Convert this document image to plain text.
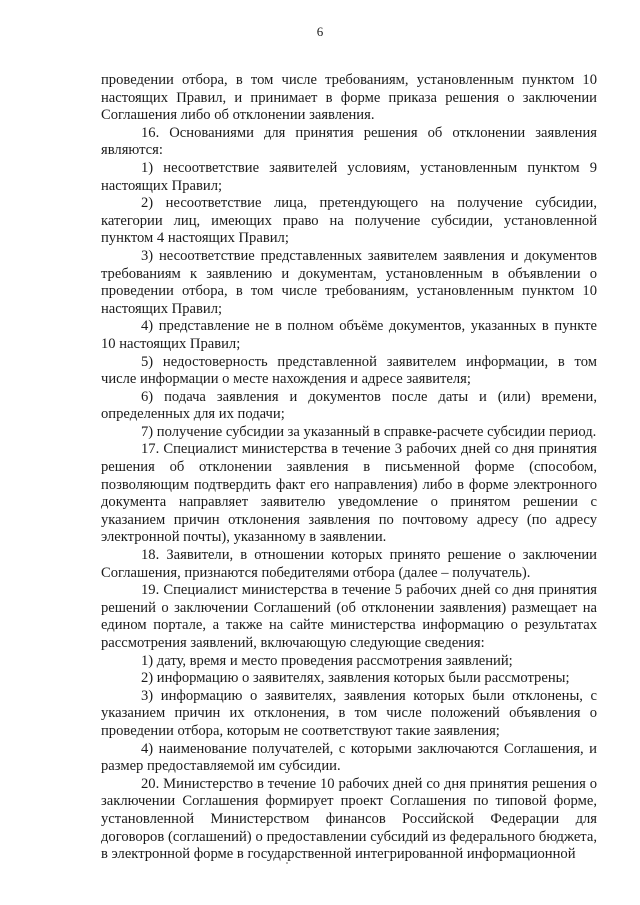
6

проведении отбора, в том числе требованиям, установленным пунктом 10 настоящих Правил, и принимает в форме приказа решения о заключении Соглашения либо об отклонении заявления.

16. Основаниями для принятия решения об отклонении заявления являются:

1) несоответствие заявителей условиям, установленным пунктом 9 настоящих Правил;

2) несоответствие лица, претендующего на получение субсидии, категории лиц, имеющих право на получение субсидии, установленной пунктом 4 настоящих Правил;

3) несоответствие представленных заявителем заявления и документов требованиям к заявлению и документам, установленным в объявлении о проведении отбора, в том числе требованиям, установленным пунктом 10 настоящих Правил;

4) представление не в полном объёме документов, указанных в пункте 10 настоящих Правил;

5) недостоверность представленной заявителем информации, в том числе информации о месте нахождения и адресе заявителя;

6) подача заявления и документов после даты и (или) времени, определенных для их подачи;

7) получение субсидии за указанный в справке-расчете субсидии период.

17. Специалист министерства в течение 3 рабочих дней со дня принятия решения об отклонении заявления в письменной форме (способом, позволяющим подтвердить факт его направления) либо в форме электронного документа направляет заявителю уведомление о принятом решении с указанием причин отклонения заявления по почтовому адресу (по адресу электронной почты), указанному в заявлении.

18. Заявители, в отношении которых принято решение о заключении Соглашения, признаются победителями отбора (далее – получатель).

19. Специалист министерства в течение 5 рабочих дней со дня принятия решений о заключении Соглашений (об отклонении заявления) размещает на едином портале, а также на сайте министерства информацию о результатах рассмотрения заявлений, включающую следующие сведения:

1) дату, время и место проведения рассмотрения заявлений;

2) информацию о заявителях, заявления которых были рассмотрены;

3) информацию о заявителях, заявления которых были отклонены, с указанием причин их отклонения, в том числе положений объявления о проведении отбора, которым не соответствуют такие заявления;

4) наименование получателей, с которыми заключаются Соглашения, и размер предоставляемой им субсидии.

20. Министерство в течение 10 рабочих дней со дня принятия решения о заключении Соглашения формирует проект Соглашения по типовой форме, установленной Министерством финансов Российской Федерации для договоров (соглашений) о предоставлении субсидий из федерального бюджета, в электронной форме в государственной интегрированной информационной
